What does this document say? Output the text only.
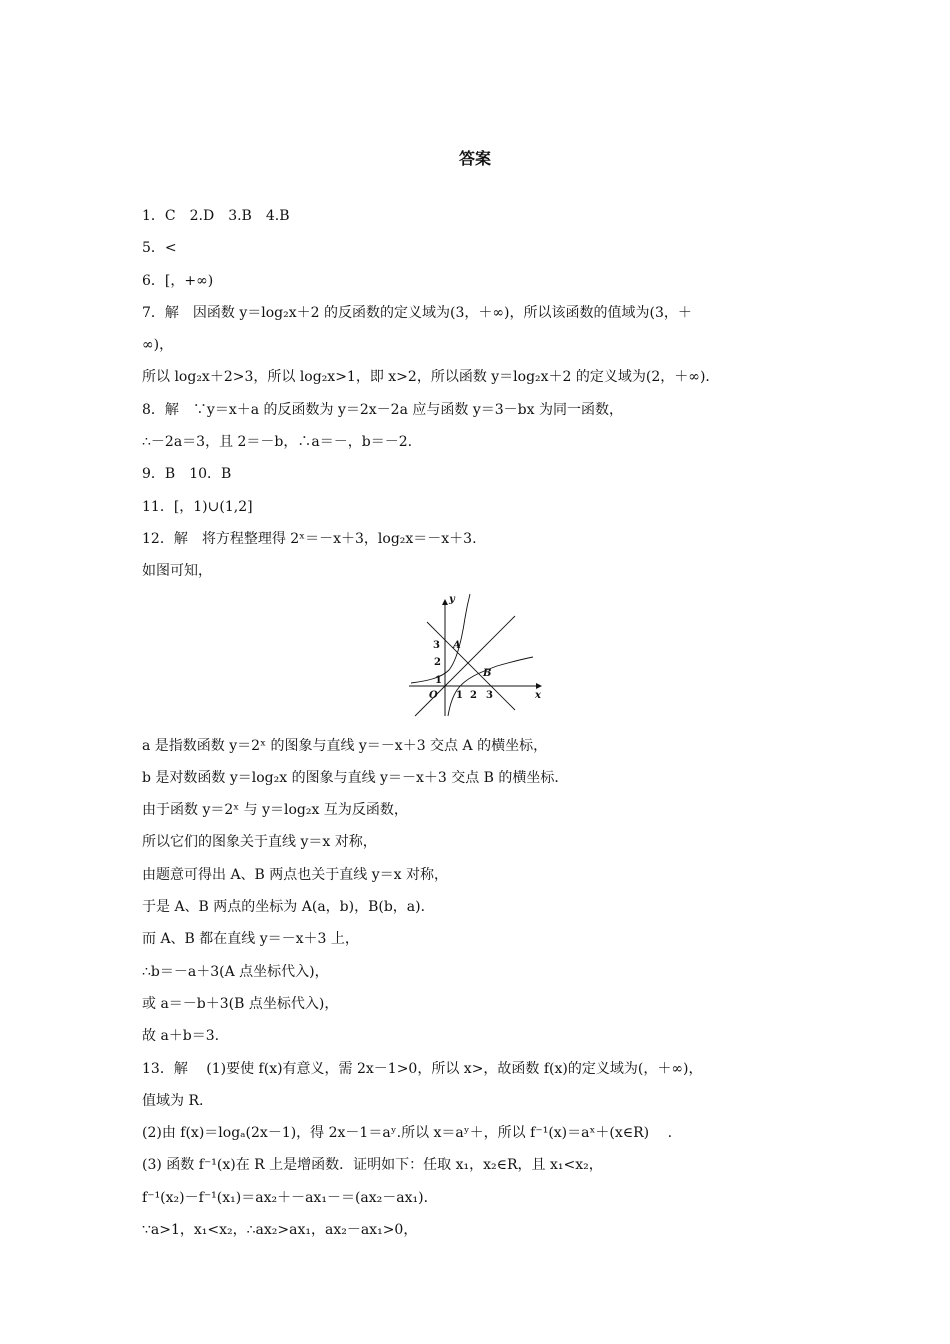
答案
1．C　2.D　3.B　4.B
5．<
6．[，+∞)
7．解　因函数 y＝log₂x＋2 的反函数的定义域为(3，＋∞)，所以该函数的值域为(3，＋
∞)，
所以 log₂x＋2>3，所以 log₂x>1，即 x>2，所以函数 y＝log₂x＋2 的定义域为(2，＋∞)．
8．解　∵y＝x＋a 的反函数为 y＝2x－2a 应与函数 y＝3－bx 为同一函数，
∴－2a＝3，且 2＝－b，∴a＝－，b＝－2.
9．B　10．B
11．[，1)∪(1,2]
12．解　将方程整理得 2ˣ＝－x＋3，log₂x＝－x＋3.
如图可知，
x
y
O 1 2 3
1
2
3 A
B
a 是指数函数 y＝2ˣ 的图象与直线 y＝－x＋3 交点 A 的横坐标，
b 是对数函数 y＝log₂x 的图象与直线 y＝－x＋3 交点 B 的横坐标．
由于函数 y＝2ˣ 与 y＝log₂x 互为反函数，
所以它们的图象关于直线 y＝x 对称，
由题意可得出 A、B 两点也关于直线 y＝x 对称，
于是 A、B 两点的坐标为 A(a，b)，B(b，a)．
而 A、B 都在直线 y＝－x＋3 上，
∴b＝－a＋3(A 点坐标代入)，
或 a＝－b＋3(B 点坐标代入)，
故 a＋b＝3.
13．解　 (1)要使 f(x)有意义，需 2x－1>0，所以 x>，故函数 f(x)的定义域为(，＋∞)，
值域为 R.
(2)由 f(x)＝logₐ(2x－1)，得 2x－1＝aʸ.所以 x＝aʸ＋，所以 f⁻¹(x)＝aˣ＋(x∈R)　 .
(3) 函数 f⁻¹(x)在 R 上是增函数．证明如下：任取 x₁，x₂∈R，且 x₁<x₂，
f⁻¹(x₂)－f⁻¹(x₁)＝ax₂＋－ax₁－＝(ax₂－ax₁)．
∵a>1，x₁<x₂，∴ax₂>ax₁，ax₂－ax₁>0，
